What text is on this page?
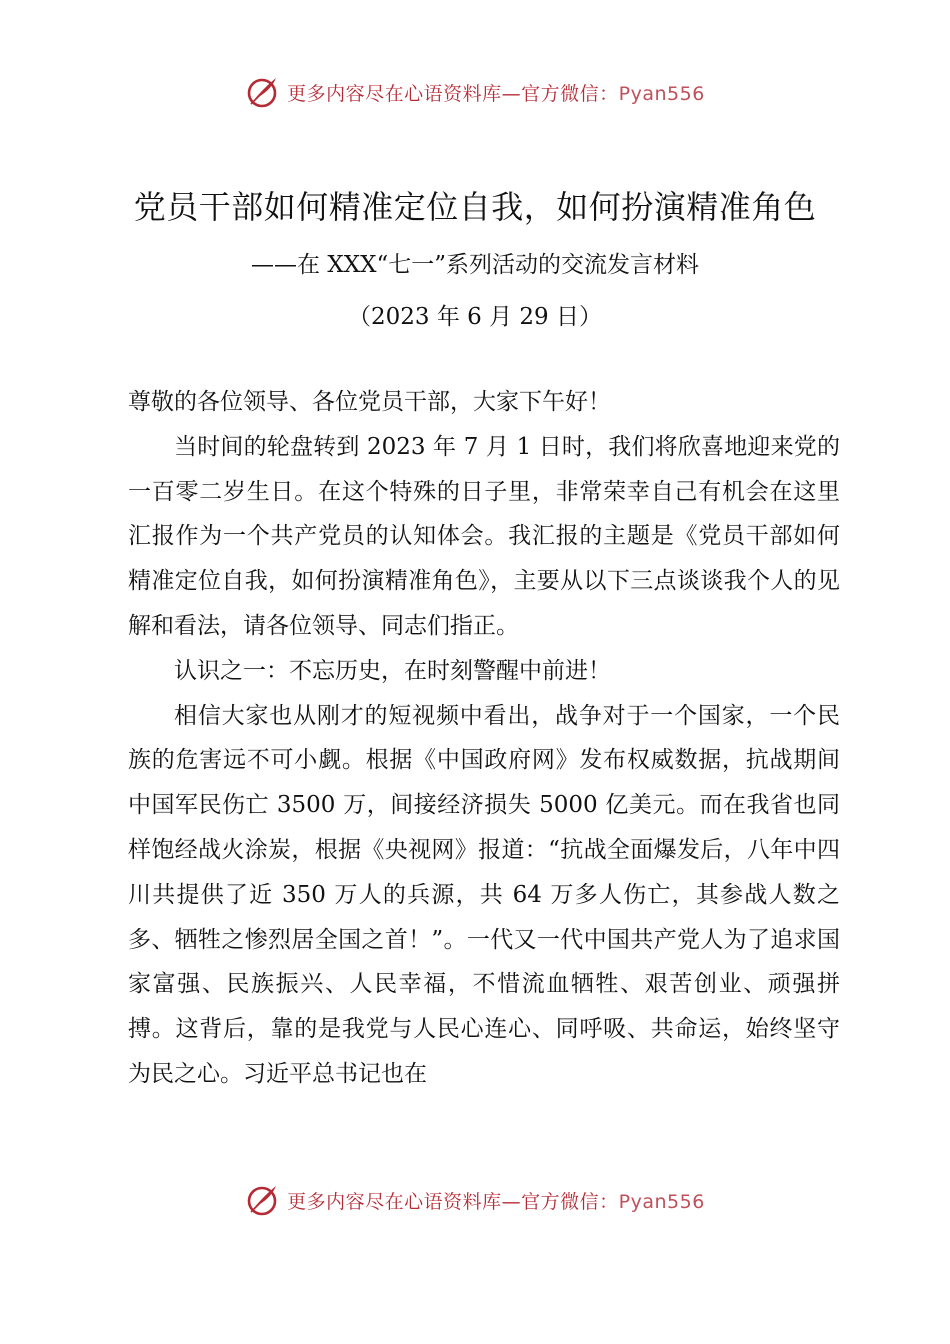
更多内容尽在心语资料库—官方微信：Pyan556
党员干部如何精准定位自我，如何扮演精准角色
——在 XXX“七一”系列活动的交流发言材料
（2023 年 6 月 29 日）

尊敬的各位领导、各位党员干部，大家下午好！

当时间的轮盘转到 2023 年 7 月 1 日时，我们将欣喜地迎来党的一百零二岁生日。在这个特殊的日子里，非常荣幸自己有机会在这里汇报作为一个共产党员的认知体会。我汇报的主题是《党员干部如何精准定位自我，如何扮演精准角色》，主要从以下三点谈谈我个人的见解和看法，请各位领导、同志们指正。

认识之一：不忘历史，在时刻警醒中前进！

相信大家也从刚才的短视频中看出，战争对于一个国家，一个民族的危害远不可小觑。根据《中国政府网》发布权威数据，抗战期间中国军民伤亡 3500 万，间接经济损失 5000 亿美元。而在我省也同样饱经战火涂炭，根据《央视网》报道：“抗战全面爆发后，八年中四川共提供了近 350 万人的兵源，共 64 万多人伤亡，其参战人数之多、牺牲之惨烈居全国之首！”。一代又一代中国共产党人为了追求国家富强、民族振兴、人民幸福，不惜流血牺牲、艰苦创业、顽强拼搏。这背后，靠的是我党与人民心连心、同呼吸、共命运，始终坚守为民之心。习近平总书记也在

更多内容尽在心语资料库—官方微信：Pyan556
